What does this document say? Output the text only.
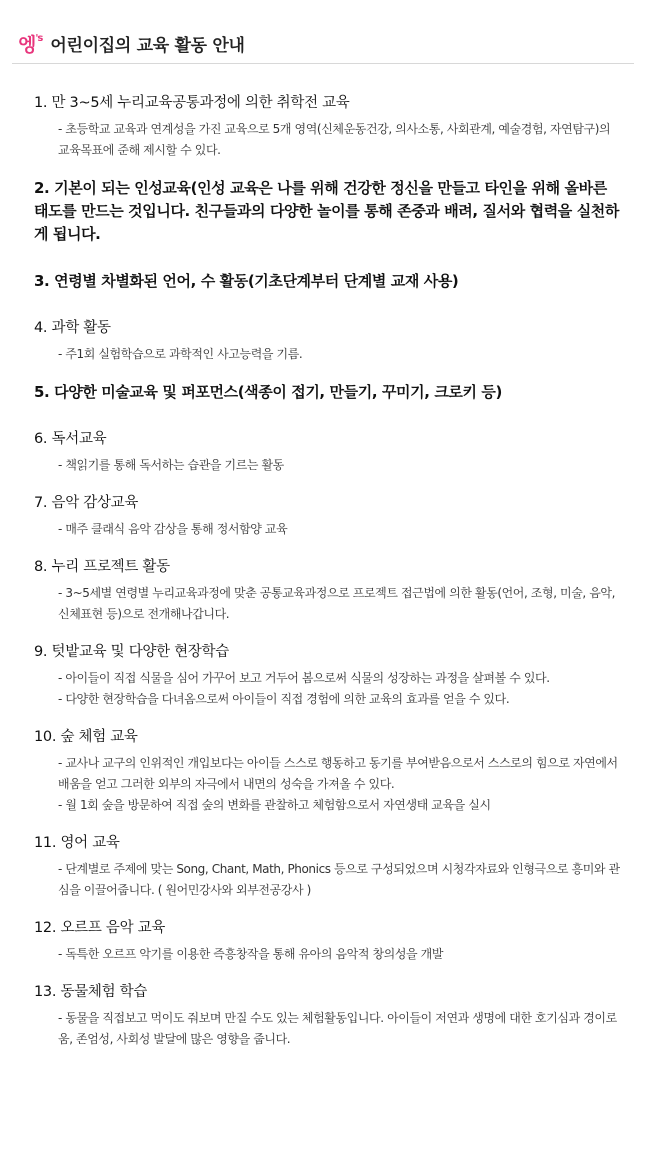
엥$^{'s}$ 어린이집의 교육 활동 안내
1. 만 3~5세 누리교육공통과정에 의한 취학전 교육
- 초등학교 교육과 연계성을 가진 교육으로 5개 영역(신체운동건강, 의사소통, 사회관계, 예술경험, 자연탐구)의 교육목표에 준해 제시할 수 있다.
2. 기본이 되는 인성교육(인성 교육은 나를 위해 건강한 정신을 만들고 타인을 위해 올바른 태도를 만드는 것입니다. 친구들과의 다양한 놀이를 통해 존중과 배려, 질서와 협력을 실천하게 됩니다.
3. 연령별 차별화된 언어, 수 활동(기초단계부터 단계별 교재 사용)
4. 과학 활동
- 주1회 실험학습으로 과학적인 사고능력을 기름.
5. 다양한 미술교육 및 퍼포먼스(색종이 접기, 만들기, 꾸미기, 크로키 등)
6. 독서교육
- 책읽기를 통해 독서하는 습관을 기르는 활동
7. 음악 감상교육
- 매주 클래식 음악 감상을 통해 정서함양 교육
8. 누리 프로젝트 활동
- 3~5세별 연령별 누리교육과정에 맞춘 공통교육과정으로 프로젝트 접근법에 의한 활동(언어, 조형, 미술, 음악, 신체표현 등)으로 전개해나갑니다.
9. 텃밭교육 및 다양한 현장학습
- 아이들이 직접 식물을 심어 가꾸어 보고 거두어 봄으로써 식물의 성장하는 과정을 살펴볼 수 있다.
- 다양한 현장학습을 다녀옴으로써 아이들이 직접 경험에 의한 교육의 효과를 얻을 수 있다.
10. 숲 체험 교육
- 교사나 교구의 인위적인 개입보다는 아이들 스스로 행동하고 동기를 부여받음으로서 스스로의 힘으로 자연에서 배움을 얻고 그러한 외부의 자극에서 내면의 성숙을 가져올 수 있다.
- 월 1회 숲을 방문하여 직접 숲의 변화를 관찰하고 체험함으로서 자연생태 교육을 실시
11. 영어 교육
- 단계별로 주제에 맞는 Song, Chant, Math, Phonics 등으로 구성되었으며 시청각자료와 인형극으로 흥미와 관심을 이끌어줍니다. ( 원어민강사와 외부전공강사 )
12. 오르프 음악 교육
- 독특한 오르프 악기를 이용한 즉흥창작을 통해 유아의 음악적 창의성을 개발
13. 동물체험 학습
- 동물을 직접보고 먹이도 줘보며 만질 수도 있는 체험활동입니다. 아이들이 저연과 생명에 대한 호기심과 경이로움, 존엄성, 사회성 발달에 많은 영향을 줍니다.
